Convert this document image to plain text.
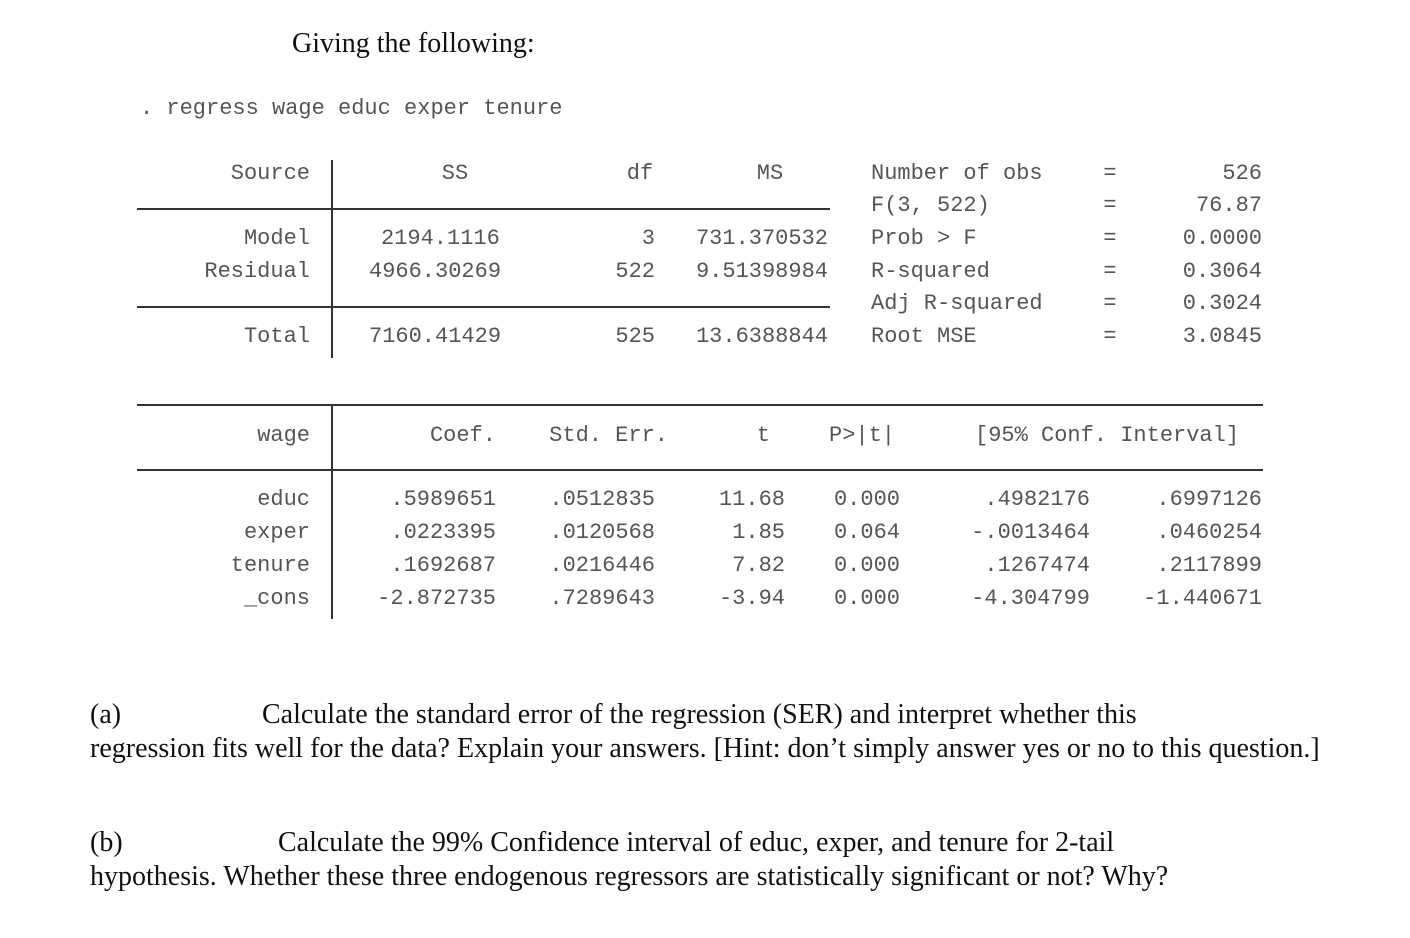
Giving the following:
. regress wage educ exper tenure
Source	SS	df	MS
Model	2194.1116	3	731.370532
Residual	4966.30269	522	9.51398984
Total	7160.41429	525	13.6388844
Number of obs	=	526
F(3, 522)	=	76.87
Prob > F	=	0.0000
R-squared	=	0.3064
Adj R-squared	=	0.3024
Root MSE	=	3.0845
wage	Coef.	Std. Err.	t	P>|t|	[95% Conf. Interval]
educ	.5989651	.0512835	11.68	0.000	.4982176	.6997126
exper	.0223395	.0120568	1.85	0.064	-.0013464	.0460254
tenure	.1692687	.0216446	7.82	0.000	.1267474	.2117899
_cons	-2.872735	.7289643	-3.94	0.000	-4.304799	-1.440671
(a)	Calculate the standard error of the regression (SER) and interpret whether this
regression fits well for the data? Explain your answers. [Hint: don’t simply answer yes or no to this question.]
(b)	Calculate the 99% Confidence interval of educ, exper, and tenure for 2-tail
hypothesis. Whether these three endogenous regressors are statistically significant or not? Why?
